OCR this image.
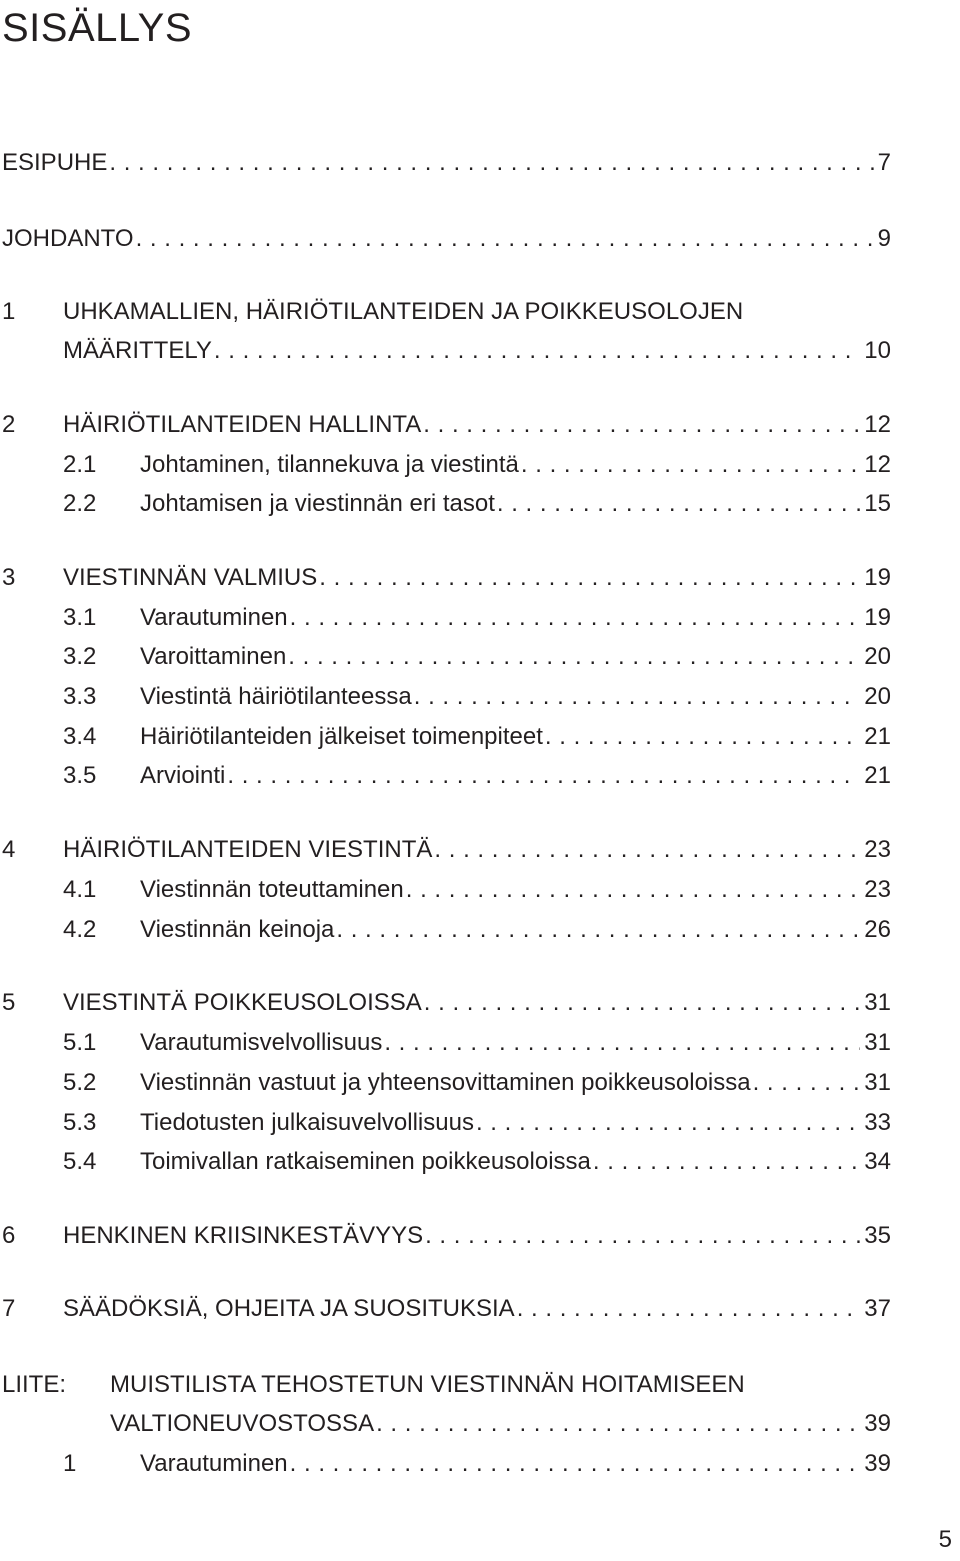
SISÄLLYS
ESIPUHE . . .	7
JOHDANTO . . .	9
1 UHKAMALLIEN, HÄIRIÖTILANTEIDEN JA POIKKEUSOLOJEN
MÄÄRITTELY . . .	10
2 HÄIRIÖTILANTEIDEN HALLINTA . . .	12
2.1 Johtaminen, tilannekuva ja viestintä . . .	12
2.2 Johtamisen ja viestinnän eri tasot . . .	15
3 VIESTINNÄN VALMIUS . . .	19
3.1 Varautuminen . . .	19
3.2 Varoittaminen . . .	20
3.3 Viestintä häiriötilanteessa . . .	20
3.4 Häiriötilanteiden jälkeiset toimenpiteet . . .	21
3.5 Arviointi . . .	21
4 HÄIRIÖTILANTEIDEN VIESTINTÄ . . .	23
4.1 Viestinnän toteuttaminen . . .	23
4.2 Viestinnän keinoja . . .	26
5 VIESTINTÄ POIKKEUSOLOISSA . . .	31
5.1 Varautumisvelvollisuus . . .	31
5.2 Viestinnän vastuut ja yhteensovittaminen poikkeusoloissa . . .	31
5.3 Tiedotusten julkaisuvelvollisuus . . .	33
5.4 Toimivallan ratkaiseminen poikkeusoloissa . . .	34
6 HENKINEN KRIISINKESTÄVYYS . . .	35
7 SÄÄDÖKSIÄ, OHJEITA JA SUOSITUKSIA . . .	37
LIITE: MUISTILISTA TEHOSTETUN VIESTINNÄN HOITAMISEEN
VALTIONEUVOSTOSSA . . .	39
1	Varautuminen . . .	39
5
